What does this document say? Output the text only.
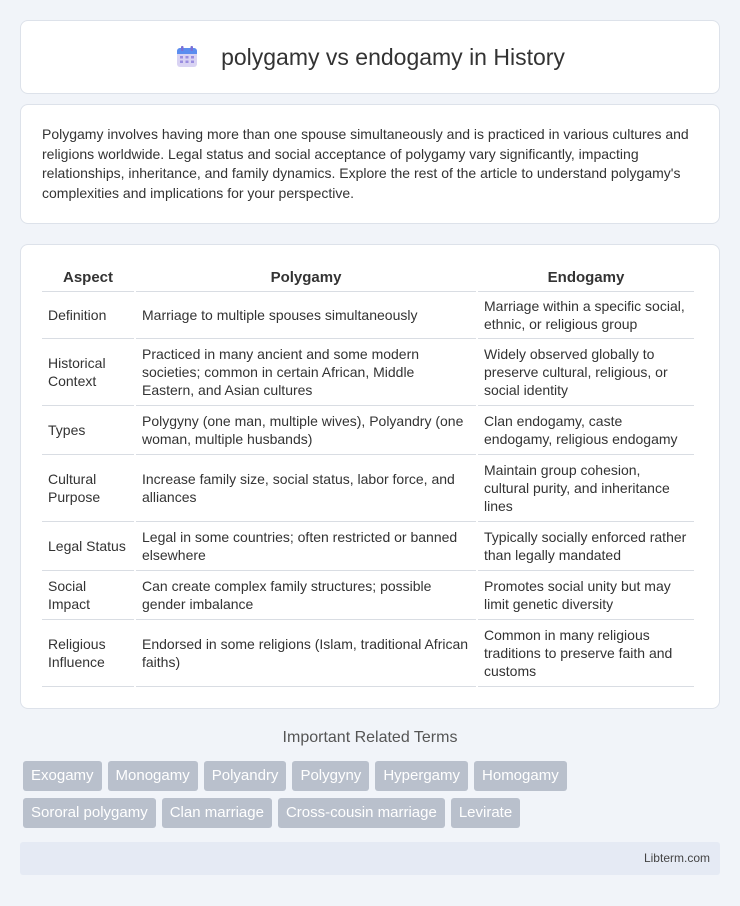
polygamy vs endogamy in History

Polygamy involves having more than one spouse simultaneously and is practiced in various cultures and religions worldwide. Legal status and social acceptance of polygamy vary significantly, impacting relationships, inheritance, and family dynamics. Explore the rest of the article to understand polygamy's complexities and implications for your perspective.

Aspect	Polygamy	Endogamy
Definition	Marriage to multiple spouses simultaneously	Marriage within a specific social, ethnic, or religious group
Historical Context	Practiced in many ancient and some modern societies; common in certain African, Middle Eastern, and Asian cultures	Widely observed globally to preserve cultural, religious, or social identity
Types	Polygyny (one man, multiple wives), Polyandry (one woman, multiple husbands)	Clan endogamy, caste endogamy, religious endogamy
Cultural Purpose	Increase family size, social status, labor force, and alliances	Maintain group cohesion, cultural purity, and inheritance lines
Legal Status	Legal in some countries; often restricted or banned elsewhere	Typically socially enforced rather than legally mandated
Social Impact	Can create complex family structures; possible gender imbalance	Promotes social unity but may limit genetic diversity
Religious Influence	Endorsed in some religions (Islam, traditional African faiths)	Common in many religious traditions to preserve faith and customs
Important Related Terms
Exogamy	Monogamy	Polyandry	Polygyny	Hypergamy	Homogamy
Sororal polygamy	Clan marriage	Cross-cousin marriage	Levirate
Libterm.com
